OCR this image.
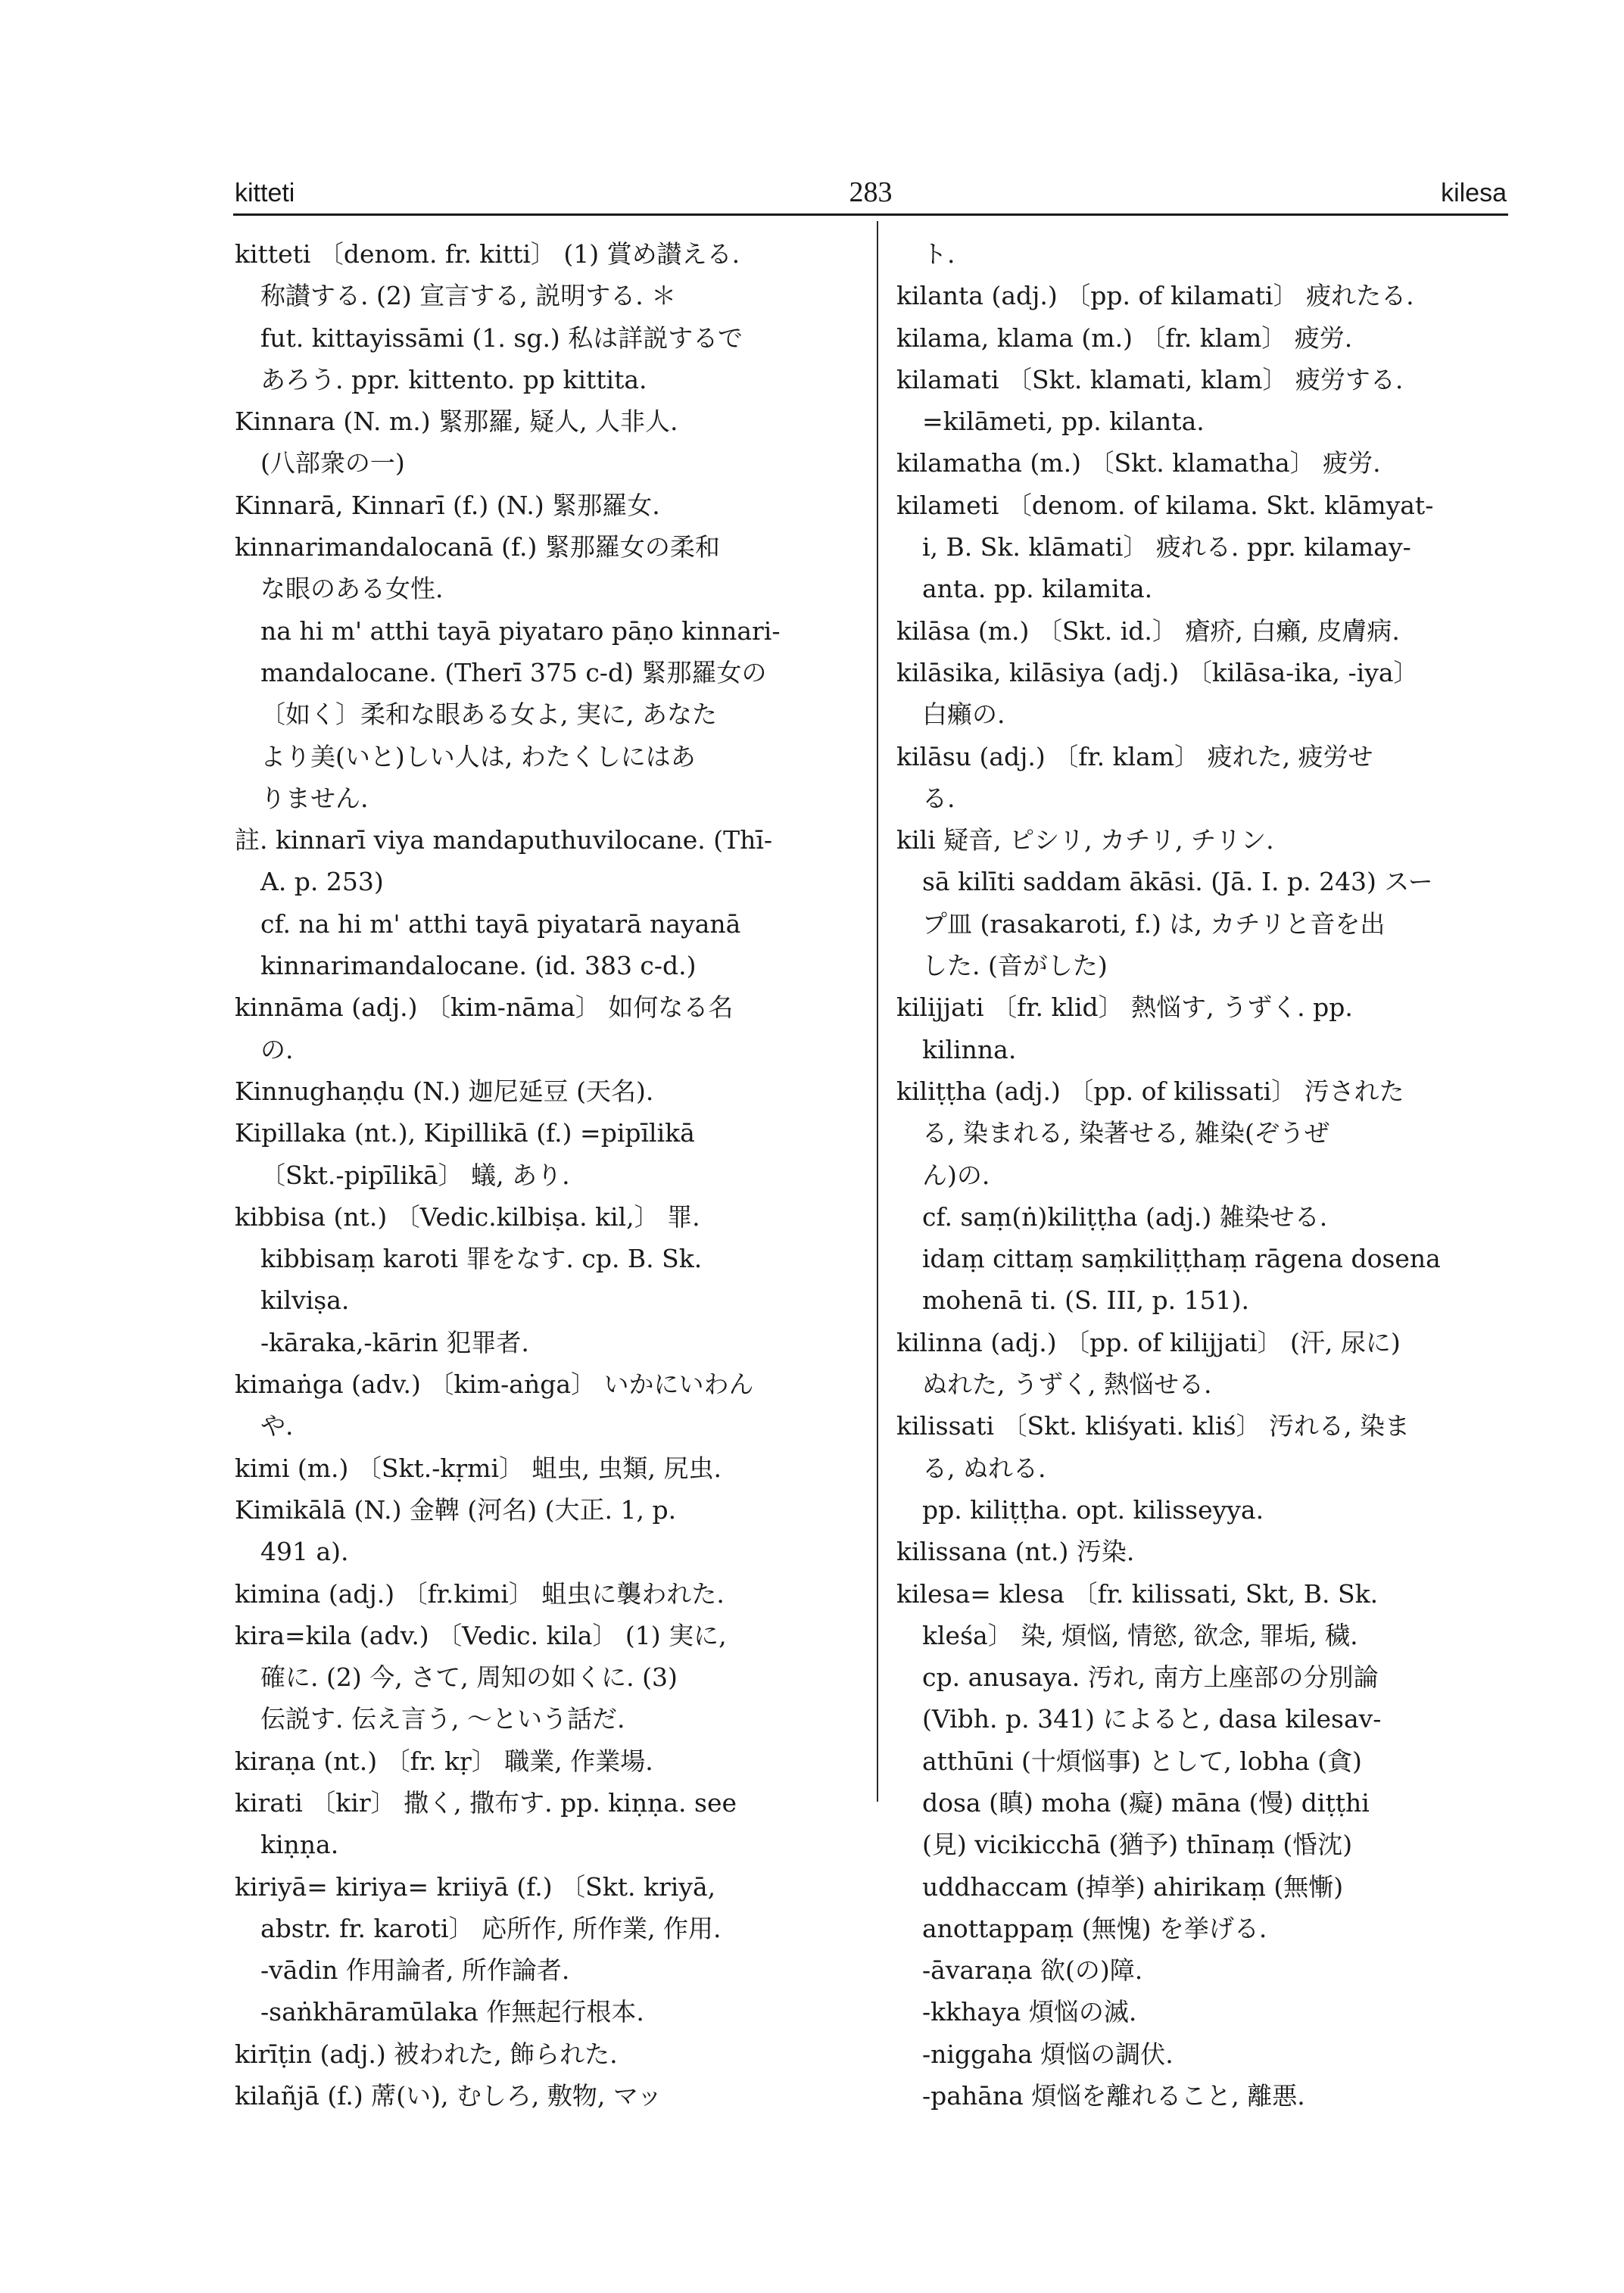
kitteti	283	kilesa
kitteti 〔denom. fr. kitti〕 (1) 賞め讃える.
称讃する. (2) 宣言する, 説明する. ＊
fut. kittayissāmi (1. sg.) 私は詳説するで
あろう. ppr. kittento. pp kittita.
Kinnara (N. m.) 緊那羅, 疑人, 人非人.
(八部衆の一)
Kinnarā, Kinnarī (f.) (N.) 緊那羅女.
kinnarimandalocanā (f.) 緊那羅女の柔和
な眼のある女性.
na hi m' atthi tayā piyataro pāṇo kinnari-
mandalocane. (Therī 375 c-d) 緊那羅女の
〔如く〕柔和な眼ある女よ, 実に, あなた
より美(いと)しい人は, わたくしにはあ
りません.
註. kinnarī viya mandaputhuvilocane. (Thī-
A. p. 253)
cf. na hi m' atthi tayā piyatarā nayanā
kinnarimandalocane. (id. 383 c-d.)
kinnāma (adj.) 〔kim-nāma〕 如何なる名
の.
Kinnughaṇḍu (N.) 迦尼延豆 (天名).
Kipillaka (nt.), Kipillikā (f.) =pipīlikā
〔Skt.-pipīlikā〕 蟻, あり.
kibbisa (nt.) 〔Vedic.kilbiṣa. kil,〕 罪.
kibbisaṃ karoti 罪をなす. cp. B. Sk.
kilviṣa.
-kāraka,-kārin 犯罪者.
kimaṅga (adv.) 〔kim-aṅga〕 いかにいわん
や.
kimi (m.) 〔Skt.-kṛmi〕 蛆虫, 虫類, 尻虫.
Kimikālā (N.) 金鞞 (河名) (大正. 1, p.
491 a).
kimina (adj.) 〔fr.kimi〕 蛆虫に襲われた.
kira=kila (adv.) 〔Vedic. kila〕 (1) 実に,
確に. (2) 今, さて, 周知の如くに. (3)
伝説す. 伝え言う, ～という話だ.
kiraṇa (nt.) 〔fr. kṛ〕 職業, 作業場.
kirati 〔kir〕 撒く, 撒布す. pp. kiṇṇa. see
kiṇṇa.
kiriyā= kiriya= kriiyā (f.) 〔Skt. kriyā,
abstr. fr. karoti〕 応所作, 所作業, 作用.
-vādin 作用論者, 所作論者.
-saṅkhāramūlaka 作無起行根本.
kirīṭin (adj.) 被われた, 飾られた.
kilañjā (f.) 蓆(い), むしろ, 敷物, マッ
ト.
kilanta (adj.) 〔pp. of kilamati〕 疲れたる.
kilama, klama (m.) 〔fr. klam〕 疲労.
kilamati 〔Skt. klamati, klam〕 疲労する.
=kilāmeti, pp. kilanta.
kilamatha (m.) 〔Skt. klamatha〕 疲労.
kilameti 〔denom. of kilama. Skt. klāmyat-
i, B. Sk. klāmati〕 疲れる. ppr. kilamay-
anta. pp. kilamita.
kilāsa (m.) 〔Skt. id.〕 瘡疥, 白癩, 皮膚病.
kilāsika, kilāsiya (adj.) 〔kilāsa-ika, -iya〕
白癩の.
kilāsu (adj.) 〔fr. klam〕 疲れた, 疲労せ
る.
kili 疑音, ピシリ, カチリ, チリン.
sā kilīti saddam ākāsi. (Jā. I. p. 243) スー
プ皿 (rasakaroti, f.) は, カチリと音を出
した. (音がした)
kilijjati 〔fr. klid〕 熱悩す, うずく. pp.
kilinna.
kiliṭṭha (adj.) 〔pp. of kilissati〕 汚された
る, 染まれる, 染著せる, 雑染(ぞうぜ
ん)の.
cf. saṃ(ṅ)kiliṭṭha (adj.) 雑染せる.
idaṃ cittaṃ saṃkiliṭṭhaṃ rāgena dosena
mohenā ti. (S. III, p. 151).
kilinna (adj.) 〔pp. of kilijjati〕 (汗, 尿に)
ぬれた, うずく, 熱悩せる.
kilissati 〔Skt. kliśyati. kliś〕 汚れる, 染ま
る, ぬれる.
pp. kiliṭṭha. opt. kilisseyya.
kilissana (nt.) 汚染.
kilesa= klesa 〔fr. kilissati, Skt, B. Sk.
kleśa〕 染, 煩悩, 情慾, 欲念, 罪垢, 穢.
cp. anusaya. 汚れ, 南方上座部の分別論
(Vibh. p. 341) によると, dasa kilesav-
atthūni (十煩悩事) として, lobha (貪)
dosa (瞋) moha (癡) māna (慢) diṭṭhi
(見) vicikicchā (猶予) thīnaṃ (惛沈)
uddhaccam (掉挙) ahirikaṃ (無慚)
anottappaṃ (無愧) を挙げる.
-āvaraṇa 欲(の)障.
-kkhaya 煩悩の滅.
-niggaha 煩悩の調伏.
-pahāna 煩悩を離れること, 離悪.
